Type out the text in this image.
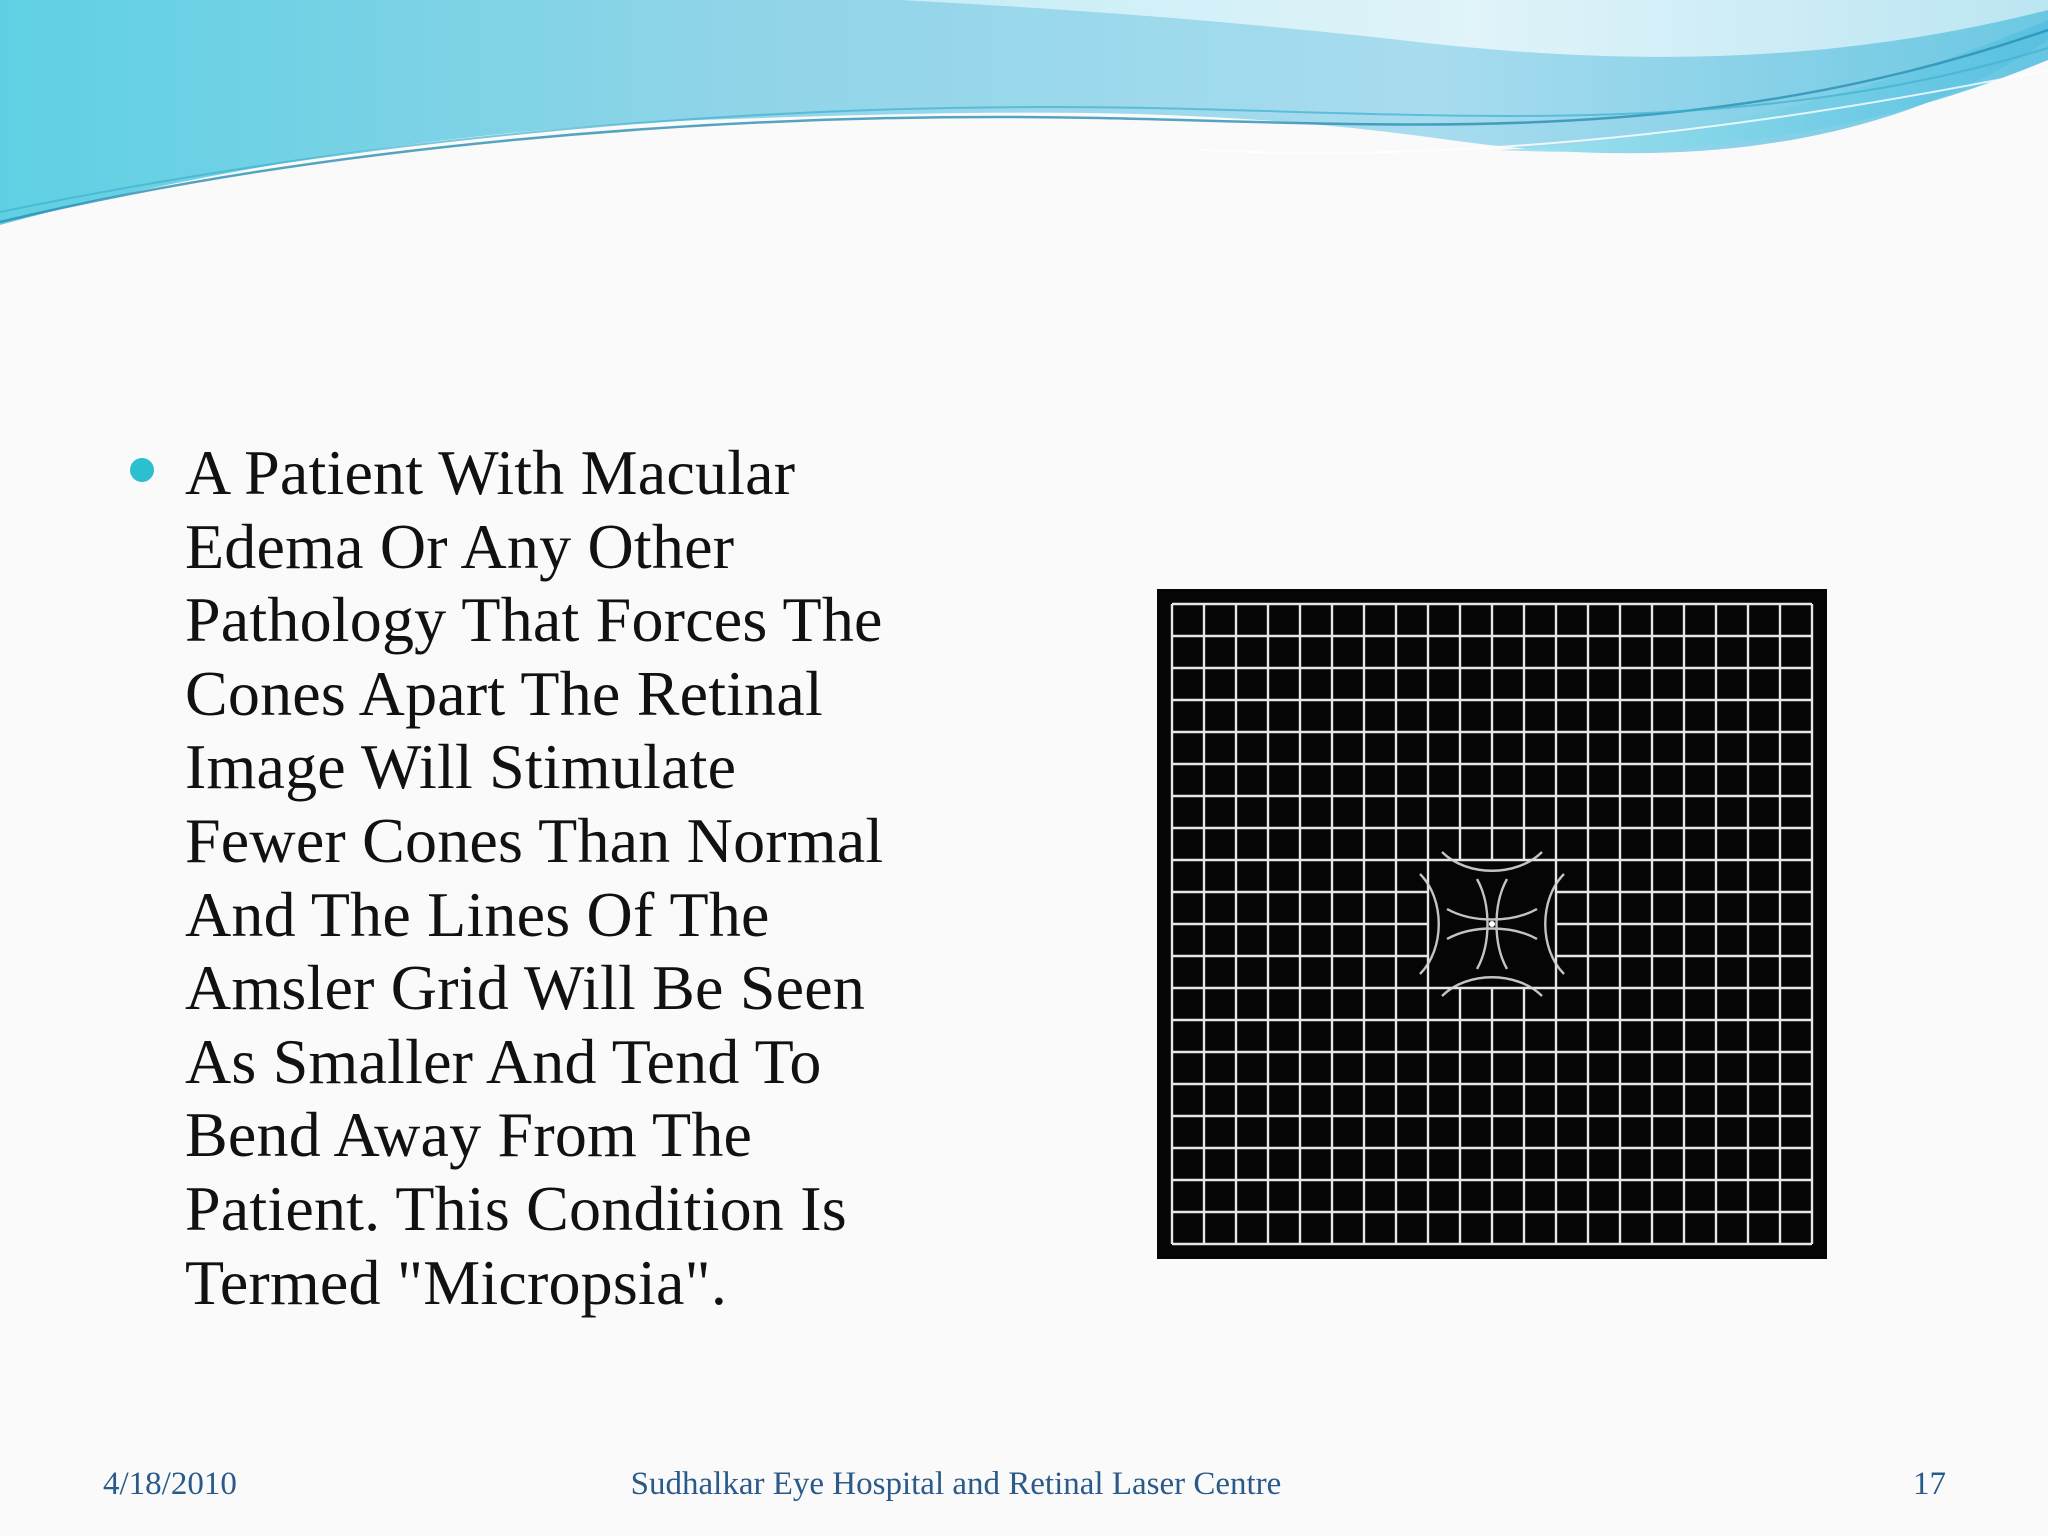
A Patient With Macular
Edema Or Any Other
Pathology That Forces The
Cones Apart The Retinal
Image Will Stimulate
Fewer Cones Than Normal
And The Lines Of The
Amsler Grid Will Be Seen
As Smaller And Tend To
Bend Away From The
Patient. This Condition Is
Termed "Micropsia".

4/18/2010	Sudhalkar Eye Hospital and Retinal Laser Centre	17
